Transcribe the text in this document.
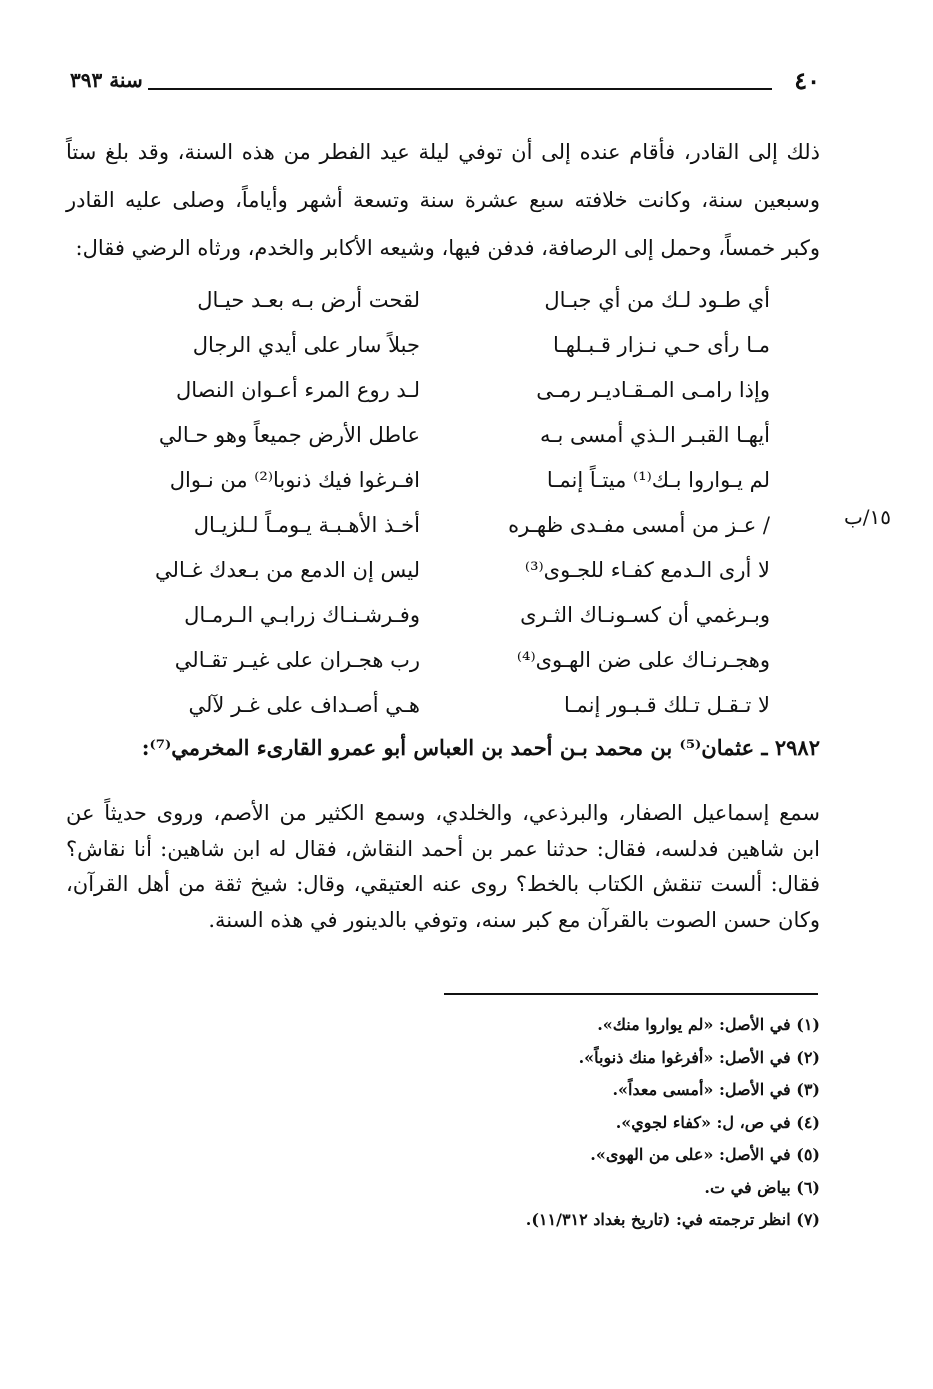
٤٠
سنة ٣٩٣

ذلك إلى القادر، فأقام عنده إلى أن توفي ليلة عيد الفطر من هذه السنة، وقد بلغ ستاً وسبعين سنة، وكانت خلافته سبع عشرة سنة وتسعة أشهر وأياماً، وصلى عليه القادر وكبر خمساً، وحمل إلى الرصافة، فدفن فيها، وشيعه الأكابر والخدم، ورثاه الرضي فقال:

أي طـود لـك من أي جبـال
لقحت أرض بـه بعـد حيـال
مـا رأى حـي نـزار قـبـلهـا
جبلاً سار على أيدي الرجال
وإذا رامـى المـقـاديـر رمـى
لـد روع المرء أعـوان النصال
أيهـا القبـر الـذي أمسى بـه
عاطل الأرض جميعاً وهو حـالي
لم يـواروا بـك⁽¹⁾ ميتـاً إنمـا
افـرغوا فيك ذنوبا⁽²⁾ من نـوال
/ عـز من أمسى مفـدى ظهـره
أخـذ الأهـبـة يـومـاً لـلزيـال
لا أرى الـدمع كفـاء للجـوى⁽³⁾
ليس إن الدمع من بـعدك غـالي
وبـرغمي أن كسـونـاك الثـرى
وفـرشـنـاك زرابـي الـرمـال
وهجـرنـاك على ضن الهـوى⁽⁴⁾
رب هجـران على غيـر تقـالي
لا تـقـل تـلك قـبـور إنمـا
هـي أصـداف على غـر لآلي
١٥/ب
٢٩٨٢ ـ عثمان⁽⁵⁾ بن محمد بـن أحمد بن العباس أبو عمرو القارىء المخرمي⁽⁷⁾:

سمع إسماعيل الصفار، والبرذعي، والخلدي، وسمع الكثير من الأصم، وروى حديثاً عن ابن شاهين فدلسه، فقال: حدثنا عمر بن أحمد النقاش، فقال له ابن شاهين: أنا نقاش؟ فقال: ألست تنقش الكتاب بالخط؟ روى عنه العتيقي، وقال: شيخ ثقة من أهل القرآن، وكان حسن الصوت بالقرآن مع كبر سنه، وتوفي بالدينور في هذه السنة.

(١) في الأصل: «لم يواروا منك».
(٢) في الأصل: «أفرغوا منك ذنوباً».
(٣) في الأصل: «أمسى معداً».
(٤) في ص، ل: «كفاء لجوي».
(٥) في الأصل: «على من الهوى».
(٦) بياض في ت.
(٧) انظر ترجمته في: (تاريخ بغداد ١١/٣١٢).
